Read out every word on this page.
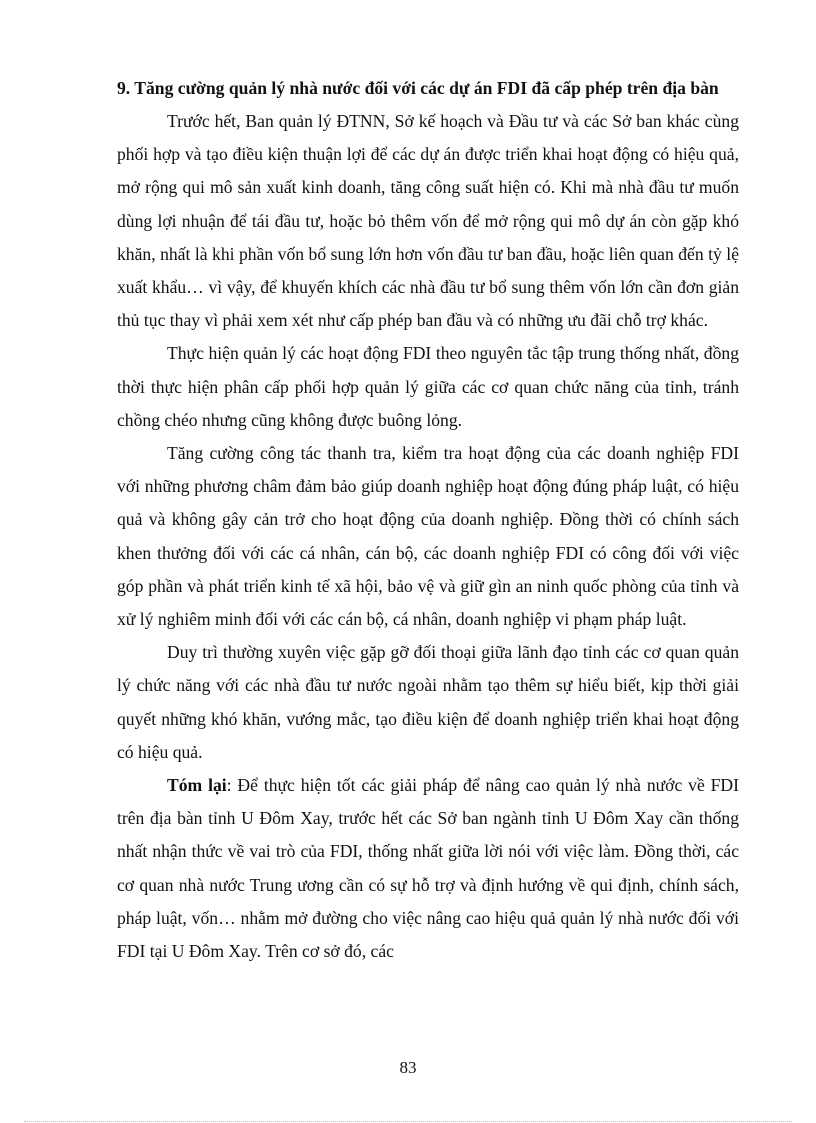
9. Tăng cường quản lý nhà nước đối với các dự án FDI đã cấp phép trên địa bàn

Trước hết, Ban quản lý ĐTNN, Sở kế hoạch và Đầu tư và các Sở ban khác cùng phối hợp và tạo điều kiện thuận lợi để các dự án được triển khai hoạt động có hiệu quả, mở rộng qui mô sản xuất kinh doanh, tăng công suất hiện có. Khi mà nhà đầu tư muốn dùng lợi nhuận để tái đầu tư, hoặc bỏ thêm vốn để mở rộng qui mô dự án còn gặp khó khăn, nhất là khi phần vốn bổ sung lớn hơn vốn đầu tư ban đầu, hoặc liên quan đến tỷ lệ xuất khẩu… vì vậy, để khuyến khích các nhà đầu tư bổ sung thêm vốn lớn cần đơn giản thủ tục thay vì phải xem xét như cấp phép ban đầu và có những ưu đãi chỗ trợ khác.

Thực hiện quản lý các hoạt động FDI theo nguyên tắc tập trung thống nhất, đồng thời thực hiện phân cấp phối hợp quản lý giữa các cơ quan chức năng của tỉnh, tránh chồng chéo nhưng cũng không được buông lỏng.

Tăng cường công tác thanh tra, kiểm tra hoạt động của các doanh nghiệp FDI với những phương châm đảm bảo giúp doanh nghiệp hoạt động đúng pháp luật, có hiệu quả và không gây cản trở cho hoạt động của doanh nghiệp. Đồng thời có chính sách khen thưởng đối với các cá nhân, cán bộ, các doanh nghiệp FDI có công đối với việc góp phần và phát triển kinh tế xã hội, bảo vệ và giữ gìn an ninh quốc phòng của tỉnh và xử lý nghiêm minh đối với các cán bộ, cá nhân, doanh nghiệp vi phạm pháp luật.

Duy trì thường xuyên việc gặp gỡ đối thoại giữa lãnh đạo tỉnh các cơ quan quản lý chức năng với các nhà đầu tư nước ngoài nhằm tạo thêm sự hiểu biết, kịp thời giải quyết những khó khăn, vướng mắc, tạo điều kiện để doanh nghiệp triển khai hoạt động có hiệu quả.

Tóm lại: Để thực hiện tốt các giải pháp để nâng cao quản lý nhà nước về FDI trên địa bàn tỉnh U Đôm Xay, trước hết các Sở ban ngành tỉnh U Đôm Xay cần thống nhất nhận thức về vai trò của FDI, thống nhất giữa lời nói với việc làm. Đồng thời, các cơ quan nhà nước Trung ương cần có sự hỗ trợ và định hướng về qui định, chính sách, pháp luật, vốn… nhằm mở đường cho việc nâng cao hiệu quả quản lý nhà nước đối với FDI tại U Đôm Xay. Trên cơ sở đó, các

83
